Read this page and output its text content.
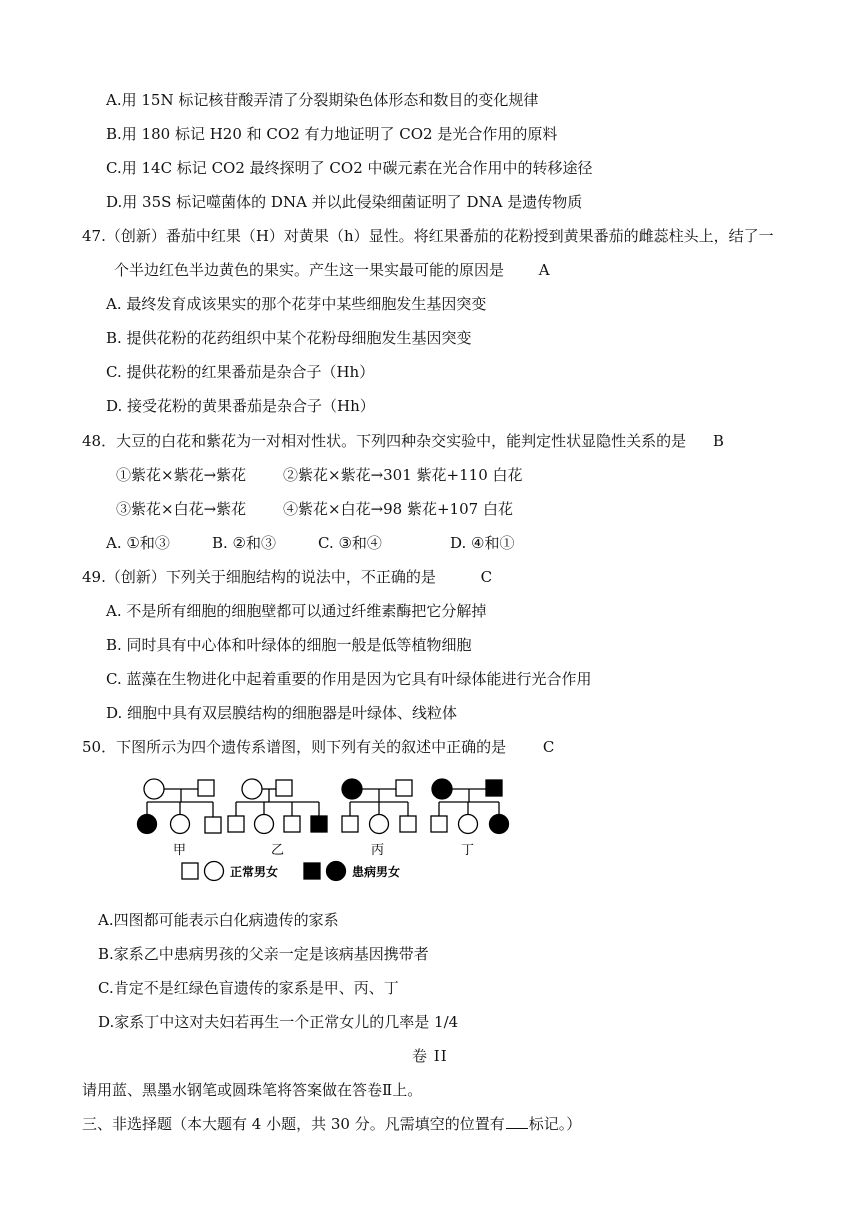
A.用 15N 标记核苷酸弄清了分裂期染色体形态和数目的变化规律
B.用 180 标记 H20 和 CO2 有力地证明了 CO2 是光合作用的原料
C.用 14C 标记 CO2 最终探明了 CO2 中碳元素在光合作用中的转移途径
D.用 35S 标记噬菌体的 DNA 并以此侵染细菌证明了 DNA 是遗传物质
47.（创新）番茄中红果（H）对黄果（h）显性。将红果番茄的花粉授到黄果番茄的雌蕊柱头上，结了一
个半边红色半边黄色的果实。产生这一果实最可能的原因是 A
A. 最终发育成该果实的那个花芽中某些细胞发生基因突变
B. 提供花粉的花药组织中某个花粉母细胞发生基因突变
C. 提供花粉的红果番茄是杂合子（Hh）
D. 接受花粉的黄果番茄是杂合子（Hh）
48．大豆的白花和紫花为一对相对性状。下列四种杂交实验中，能判定性状显隐性关系的是 B
①紫花×紫花→紫花 ②紫花×紫花→301 紫花+110 白花
③紫花×白花→紫花 ④紫花×白花→98 紫花+107 白花
A. ①和③	B. ②和③	C. ③和④	D. ④和①
49.（创新）下列关于细胞结构的说法中，不正确的是	C
A. 不是所有细胞的细胞壁都可以通过纤维素酶把它分解掉
B. 同时具有中心体和叶绿体的细胞一般是低等植物细胞
C. 蓝藻在生物进化中起着重要的作用是因为它具有叶绿体能进行光合作用
D. 细胞中具有双层膜结构的细胞器是叶绿体、线粒体
50．下图所示为四个遗传系谱图，则下列有关的叙述中正确的是 C
甲	乙	丙
正常男女	患病男女
丁
A.四图都可能表示白化病遗传的家系
B.家系乙中患病男孩的父亲一定是该病基因携带者
C.肯定不是红绿色盲遗传的家系是甲、丙、丁
D.家系丁中这对夫妇若再生一个正常女儿的几率是 1/4
卷 II
请用蓝、黑墨水钢笔或圆珠笔将答案做在答卷Ⅱ上。
三、非选择题（本大题有 4 小题，共 30 分。凡需填空的位置有 标记。）
